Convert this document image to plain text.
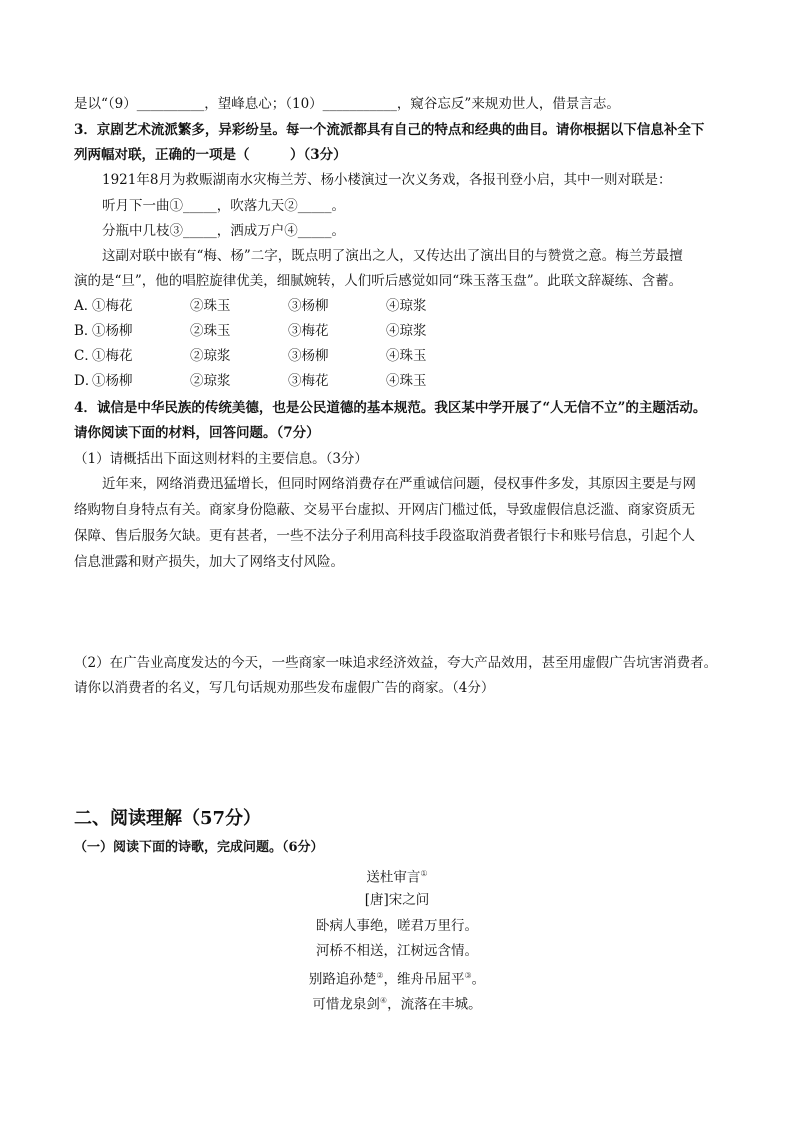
是以“（9）__________，望峰息心；（10）___________，窥谷忘反”来规劝世人，借景言志。
3．京剧艺术流派繁多，异彩纷呈。每一个流派都具有自己的特点和经典的曲目。请你根据以下信息补全下
列两幅对联，正确的一项是（　　　）（3分）
1921年8月为救赈湖南水灾梅兰芳、杨小楼演过一次义务戏，各报刊登小启，其中一则对联是：
听月下一曲①_____，吹落九天②_____。
分瓶中几枝③_____，洒成万户④_____。
这副对联中嵌有“梅、杨”二字，既点明了演出之人，又传达出了演出目的与赞赏之意。梅兰芳最擅
演的是“旦”，他的唱腔旋律优美，细腻婉转，人们听后感觉如同“珠玉落玉盘”。此联文辞凝练、含蓄。
A．
①梅花	②珠玉	③杨柳	④琼浆
B．
①杨柳	②珠玉	③梅花	④琼浆
C．
①梅花	②琼浆	③杨柳	④珠玉
D．
①杨柳	②琼浆	③梅花	④珠玉
4．诚信是中华民族的传统美德，也是公民道德的基本规范。我区某中学开展了“人无信不立”的主题活动。
请你阅读下面的材料，回答问题。（7分）
（1）请概括出下面这则材料的主要信息。（3分）
近年来，网络消费迅猛增长，但同时网络消费存在严重诚信问题，侵权事件多发，其原因主要是与网
络购物自身特点有关。商家身份隐蔽、交易平台虚拟、开网店门槛过低，导致虚假信息泛滥、商家资质无
保障、售后服务欠缺。更有甚者，一些不法分子利用高科技手段盗取消费者银行卡和账号信息，引起个人
信息泄露和财产损失，加大了网络支付风险。
（2）在广告业高度发达的今天，一些商家一味追求经济效益，夸大产品效用，甚至用虚假广告坑害消费者。
请你以消费者的名义，写几句话规劝那些发布虚假广告的商家。（4分）
二、阅读理解（57分）
（一）阅读下面的诗歌，完成问题。（6分）
送杜审言①
[唐]宋之问
卧病人事绝，嗟君万里行。
河桥不相送，江树远含情。
别路追孙楚②，维舟吊屈平③。
可惜龙泉剑④，流落在丰城。
